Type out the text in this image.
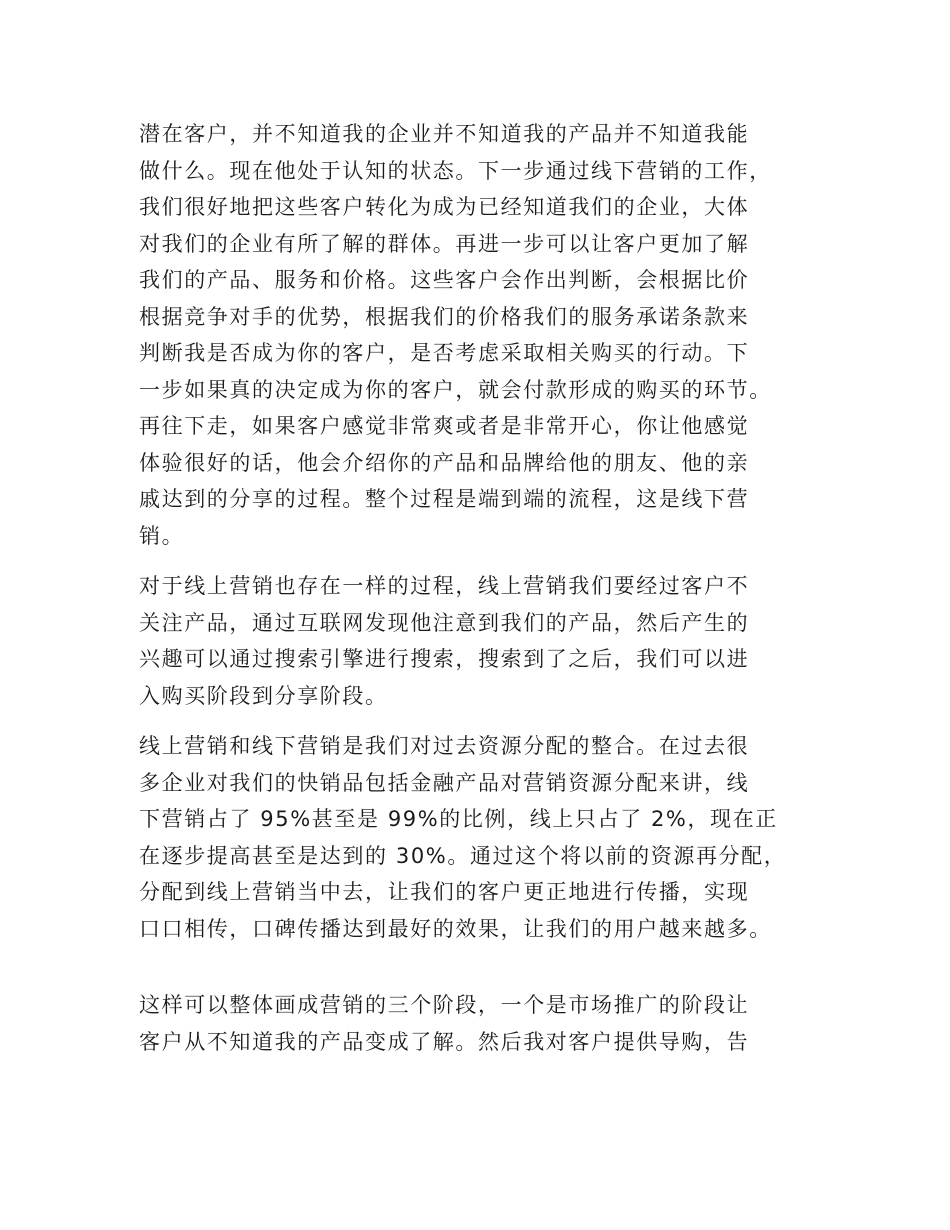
潜在客户，并不知道我的企业并不知道我的产品并不知道我能
做什么。现在他处于认知的状态。下一步通过线下营销的工作，
我们很好地把这些客户转化为成为已经知道我们的企业，大体
对我们的企业有所了解的群体。再进一步可以让客户更加了解
我们的产品、服务和价格。这些客户会作出判断，会根据比价
根据竞争对手的优势，根据我们的价格我们的服务承诺条款来
判断我是否成为你的客户，是否考虑采取相关购买的行动。下
一步如果真的决定成为你的客户，就会付款形成的购买的环节。
再往下走，如果客户感觉非常爽或者是非常开心，你让他感觉
体验很好的话，他会介绍你的产品和品牌给他的朋友、他的亲
戚达到的分享的过程。整个过程是端到端的流程，这是线下营
销。

对于线上营销也存在一样的过程，线上营销我们要经过客户不
关注产品，通过互联网发现他注意到我们的产品，然后产生的
兴趣可以通过搜索引擎进行搜索，搜索到了之后，我们可以进
入购买阶段到分享阶段。

线上营销和线下营销是我们对过去资源分配的整合。在过去很
多企业对我们的快销品包括金融产品对营销资源分配来讲，线
下营销占了 95%甚至是 99%的比例，线上只占了 2%，现在正
在逐步提高甚至是达到的 30%。通过这个将以前的资源再分配，
分配到线上营销当中去，让我们的客户更正地进行传播，实现
口口相传，口碑传播达到最好的效果，让我们的用户越来越多。

这样可以整体画成营销的三个阶段，一个是市场推广的阶段让
客户从不知道我的产品变成了解。然后我对客户提供导购，告
